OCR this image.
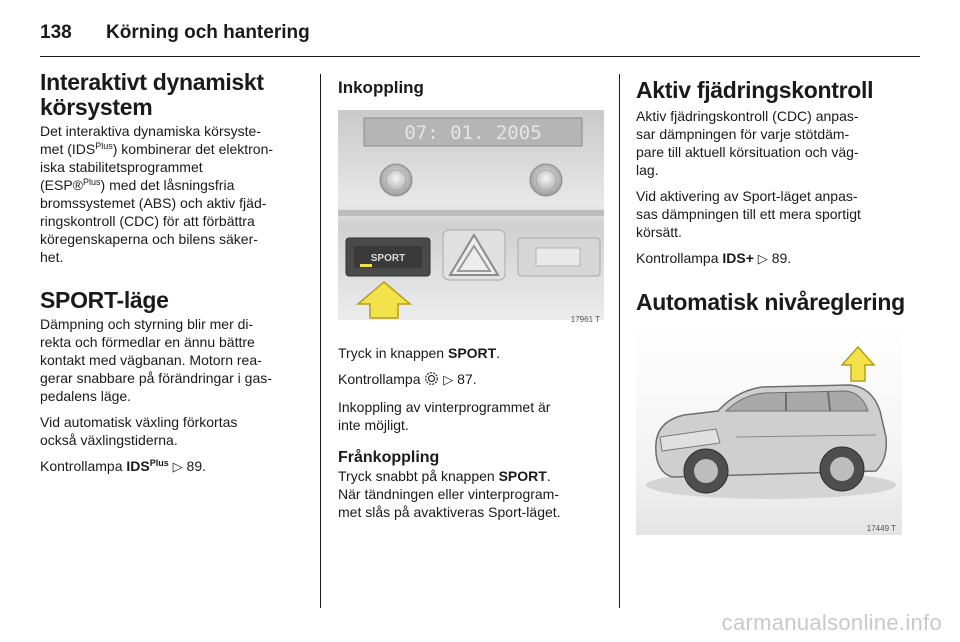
138 Körning och hantering
Interaktivt dynamiskt körsystem

Det interaktiva dynamiska körsyste-
met $(IDS^{Plus})$ kombinerar det elektron-
iska stabilitetsprogrammet
(ESP®$^{Plus}$) med det låsningsfria
bromssystemet (ABS) och aktiv fjäd-
ringskontroll (CDC) för att förbättra
köregenskaperna och bilens säker-
het.

SPORT-läge

Dämpning och styrning blir mer di-
rekta och förmedlar en ännu bättre
kontakt med vägbanan. Motorn rea-
gerar snabbare på förändringar i gas-
pedalens läge.

Vid automatisk växling förkortas
också växlingstiderna.

Kontrollampa $IDS^{Plus}$ ▷ 89.

Inkoppling
07: 01. 2005
SPORT
17961 T

Tryck in knappen SPORT.

Kontrollampa ▷ 87.

Inkoppling av vinterprogrammet är
inte möjligt.

Frånkoppling

Tryck snabbt på knappen SPORT.
När tändningen eller vinterprogram-
met slås på avaktiveras Sport-läget.

Aktiv fjädringskontroll

Aktiv fjädringskontroll (CDC) anpas-
sar dämpningen för varje stötdäm-
pare till aktuell körsituation och väg-
lag.

Vid aktivering av Sport-läget anpas-
sas dämpningen till ett mera sportigt
körsätt.

Kontrollampa IDS+ ▷ 89.

Automatisk nivåreglering
17449 T
carmanualsonline.info
